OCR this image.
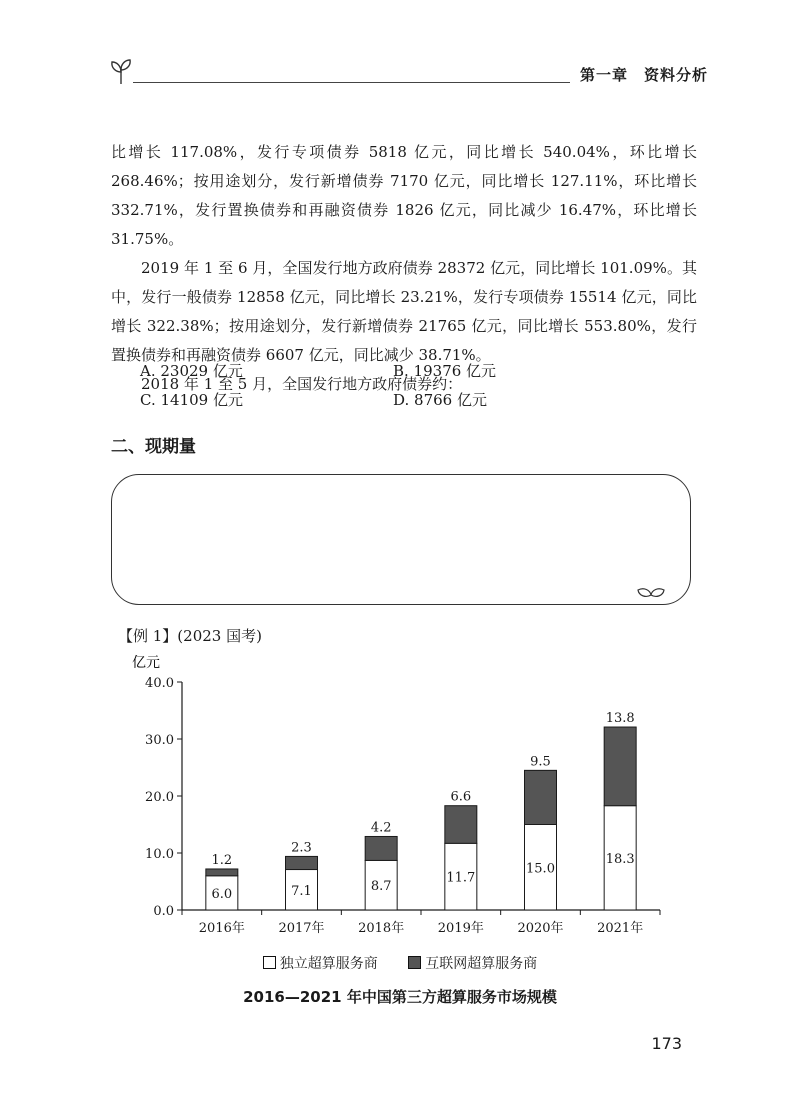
第一章 资料分析

比增长 117.08%，发行专项债券 5818 亿元，同比增长 540.04%，环比增长 268.46%；按用途划分，发行新增债券 7170 亿元，同比增长 127.11%，环比增长 332.71%，发行置换债券和再融资债券 1826 亿元，同比减少 16.47%，环比增长 31.75%。

2019 年 1 至 6 月，全国发行地方政府债券 28372 亿元，同比增长 101.09%。其中，发行一般债券 12858 亿元，同比增长 23.21%，发行专项债券 15514 亿元，同比增长 322.38%；按用途划分，发行新增债券 21765 亿元，同比增长 553.80%，发行置换债券和再融资债券 6607 亿元，同比减少 38.71%。

2018 年 1 至 5 月，全国发行地方政府债券约：

A. 23029 亿元	B. 19376 亿元
C. 14109 亿元	D. 8766 亿元
二、现期量
【例 1】(2023 国考)
亿元
0.0
10.0
20.0
30.0
40.0
2016年
6.0
1.2
2017年
7.1
2.3
2018年
8.7
4.2
2019年
11.7
6.6
2020年
15.0
9.5
2021年
18.3
13.8
独立超算服务商	互联网超算服务商
2016—2021 年中国第三方超算服务市场规模
173
